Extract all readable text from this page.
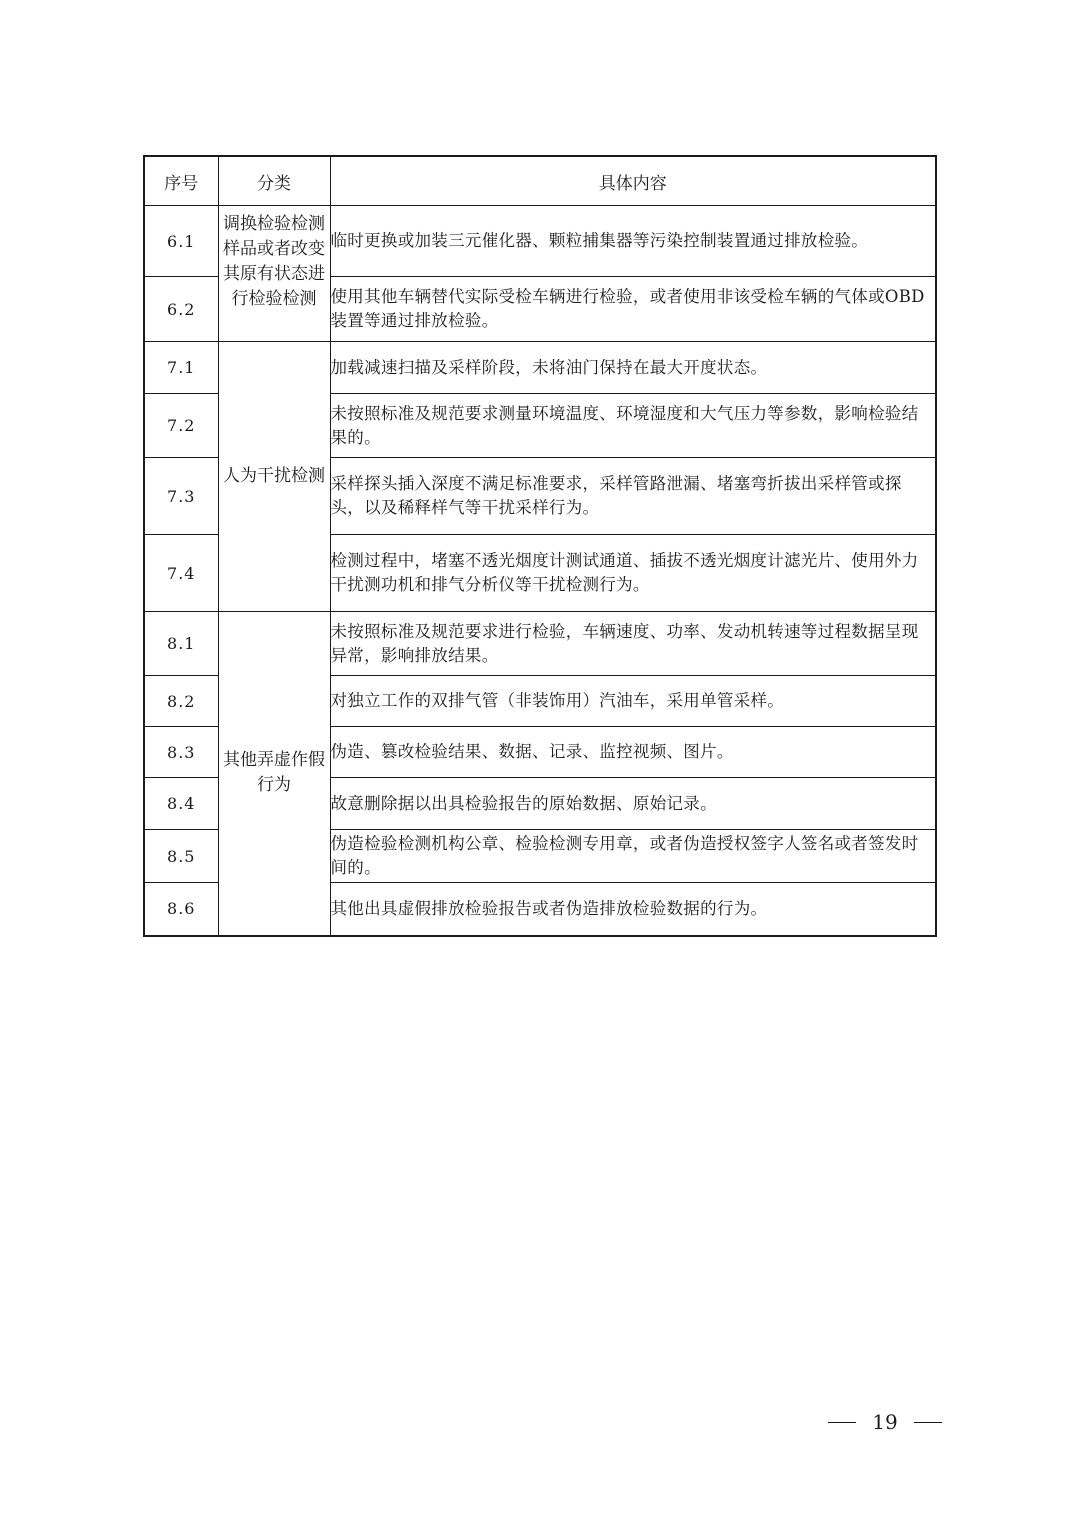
序号	分类	具体内容
6.1	调换检验检测样品或者改变其原有状态进行检验检测	临时更换或加装三元催化器、颗粒捕集器等污染控制装置通过排放检验。
6.2		使用其他车辆替代实际受检车辆进行检验，或者使用非该受检车辆的气体或OBD 装置等通过排放检验。
7.1	人为干扰检测	加载减速扫描及采样阶段，未将油门保持在最大开度状态。
7.2		未按照标准及规范要求测量环境温度、环境湿度和大气压力等参数，影响检验结果的。
7.3		采样探头插入深度不满足标准要求，采样管路泄漏、堵塞弯折拔出采样管或探头，以及稀释样气等干扰采样行为。
7.4		检测过程中，堵塞不透光烟度计测试通道、插拔不透光烟度计滤光片、使用外力干扰测功机和排气分析仪等干扰检测行为。
8.1	其他弄虚作假行为	未按照标准及规范要求进行检验，车辆速度、功率、发动机转速等过程数据呈现异常，影响排放结果。
8.2		对独立工作的双排气管（非装饰用）汽油车，采用单管采样。
8.3		伪造、篡改检验结果、数据、记录、监控视频、图片。
8.4		故意删除据以出具检验报告的原始数据、原始记录。
8.5		伪造检验检测机构公章、检验检测专用章，或者伪造授权签字人签名或者签发时间的。
8.6		其他出具虚假排放检验报告或者伪造排放检验数据的行为。
19
